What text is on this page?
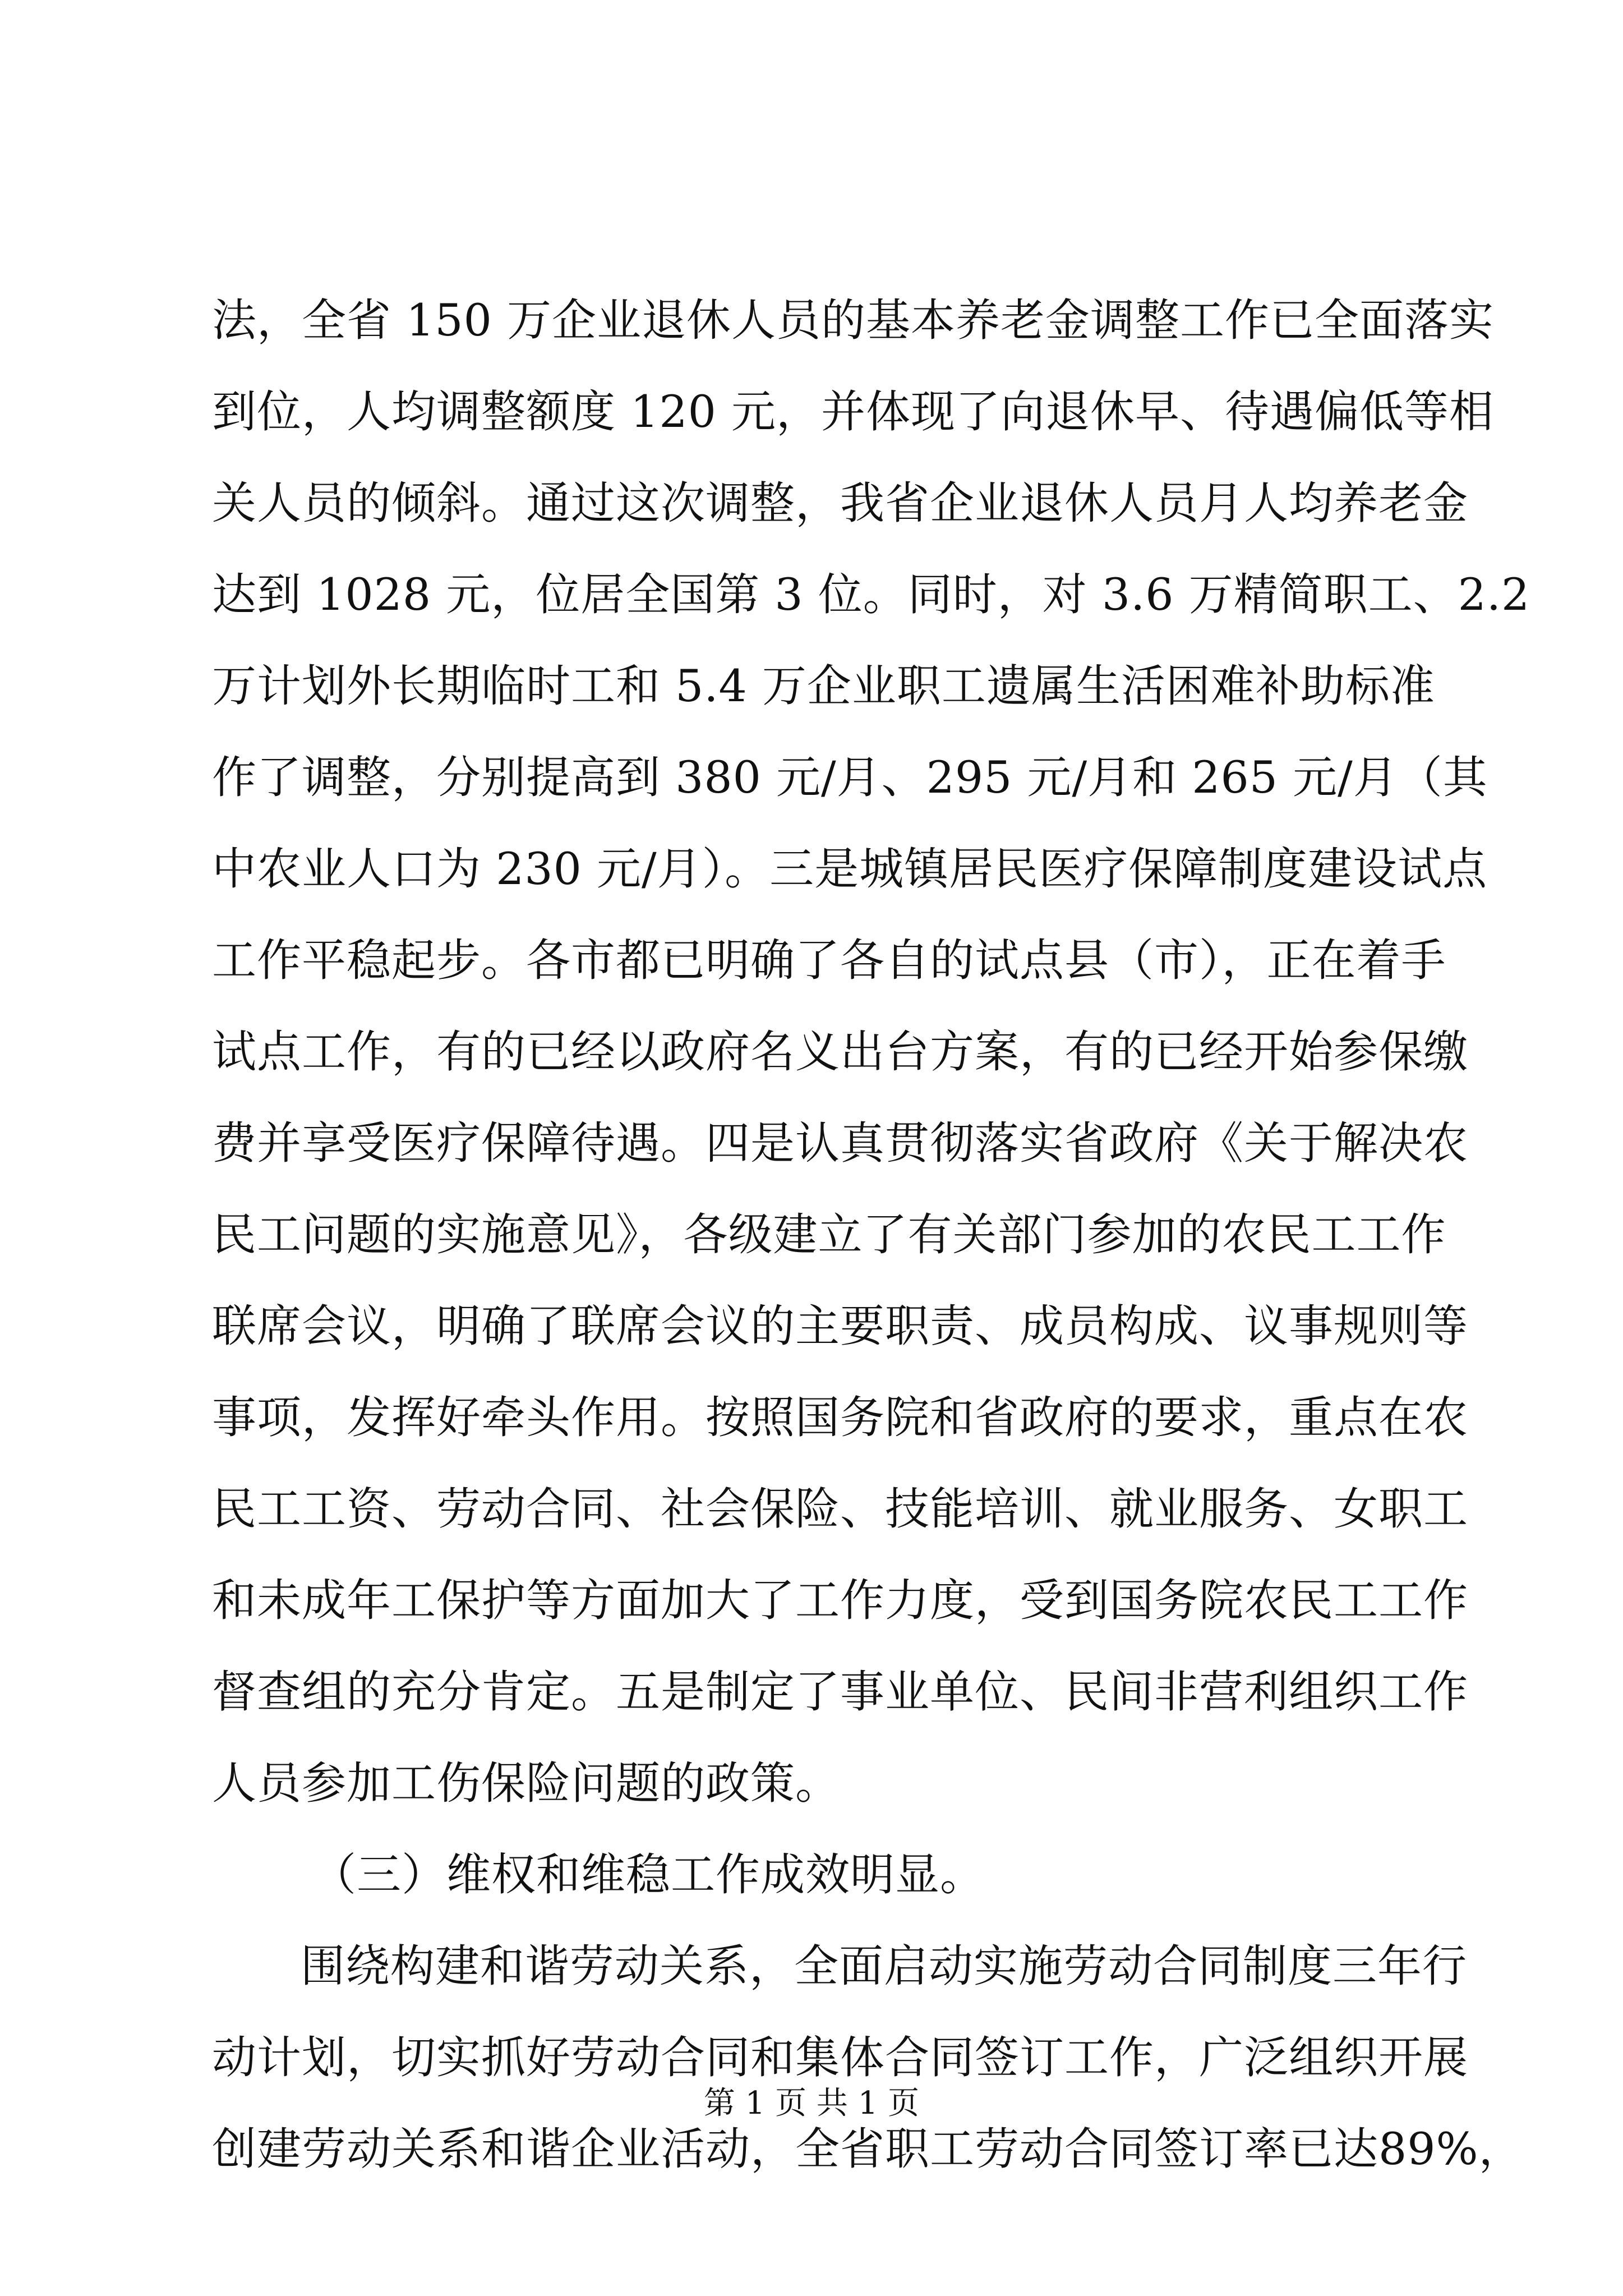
法，全省 150 万企业退休人员的基本养老金调整工作已全面落实
到位，人均调整额度 120 元，并体现了向退休早、待遇偏低等相
关人员的倾斜。通过这次调整，我省企业退休人员月人均养老金
达到 1028 元，位居全国第 3 位。同时，对 3.6 万精简职工、2.2
万计划外长期临时工和 5.4 万企业职工遗属生活困难补助标准
作了调整，分别提高到 380 元/月、295 元/月和 265 元/月（其
中农业人口为 230 元/月）。三是城镇居民医疗保障制度建设试点
工作平稳起步。各市都已明确了各自的试点县（市），正在着手
试点工作，有的已经以政府名义出台方案，有的已经开始参保缴
费并享受医疗保障待遇。四是认真贯彻落实省政府《关于解决农
民工问题的实施意见》，各级建立了有关部门参加的农民工工作
联席会议，明确了联席会议的主要职责、成员构成、议事规则等
事项，发挥好牵头作用。按照国务院和省政府的要求，重点在农
民工工资、劳动合同、社会保险、技能培训、就业服务、女职工
和未成年工保护等方面加大了工作力度，受到国务院农民工工作
督查组的充分肯定。五是制定了事业单位、民间非营利组织工作
人员参加工伤保险问题的政策。
（三）维权和维稳工作成效明显。
围绕构建和谐劳动关系，全面启动实施劳动合同制度三年行
动计划，切实抓好劳动合同和集体合同签订工作，广泛组织开展
创建劳动关系和谐企业活动，全省职工劳动合同签订率已达89%，
第 1 页 共 1 页
